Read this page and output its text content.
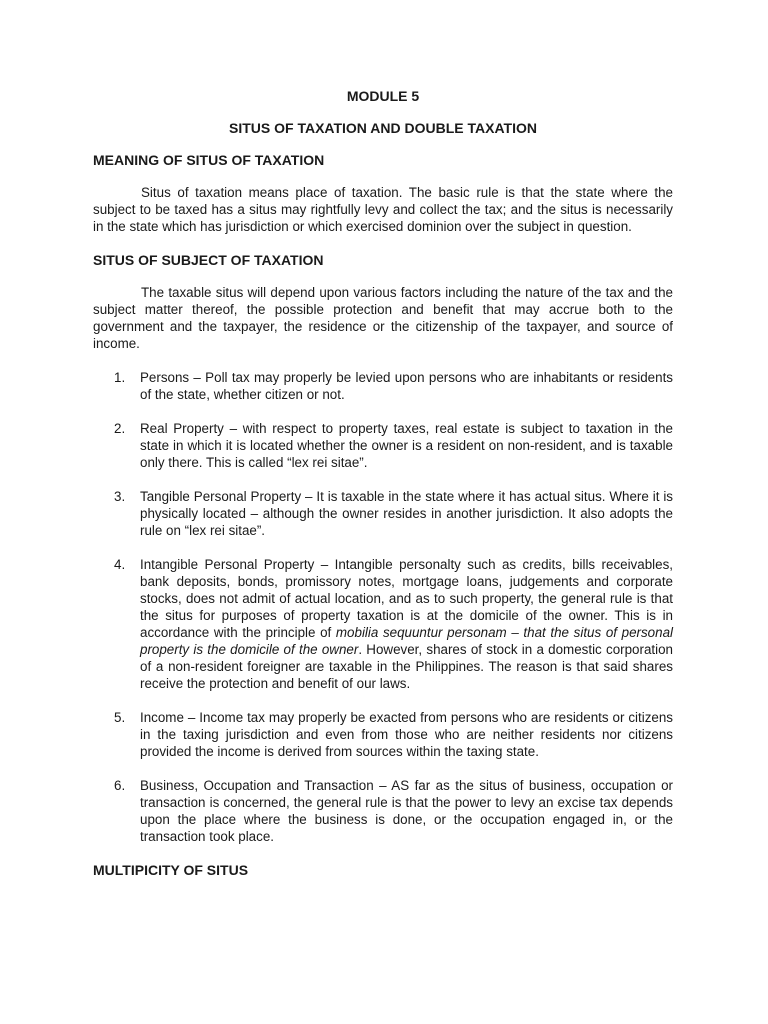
MODULE 5
SITUS OF TAXATION AND DOUBLE TAXATION
MEANING OF SITUS OF TAXATION

Situs of taxation means place of taxation. The basic rule is that the state where the subject to be taxed has a situs may rightfully levy and collect the tax; and the situs is necessarily in the state which has jurisdiction or which exercised dominion over the subject in question.

SITUS OF SUBJECT OF TAXATION

The taxable situs will depend upon various factors including the nature of the tax and the subject matter thereof, the possible protection and benefit that may accrue both to the government and the taxpayer, the residence or the citizenship of the taxpayer, and source of income.

1.	Persons – Poll tax may properly be levied upon persons who are inhabitants or residents of the state, whether citizen or not.
2.	Real Property – with respect to property taxes, real estate is subject to taxation in the state in which it is located whether the owner is a resident on non-resident, and is taxable only there. This is called “lex rei sitae”.
3.	Tangible Personal Property – It is taxable in the state where it has actual situs. Where it is physically located – although the owner resides in another jurisdiction. It also adopts the rule on “lex rei sitae”.
4.	Intangible Personal Property – Intangible personalty such as credits, bills receivables, bank deposits, bonds, promissory notes, mortgage loans, judgements and corporate stocks, does not admit of actual location, and as to such property, the general rule is that the situs for purposes of property taxation is at the domicile of the owner. This is in accordance with the principle of mobilia sequuntur personam – that the situs of personal property is the domicile of the owner. However, shares of stock in a domestic corporation of a non-resident foreigner are taxable in the Philippines. The reason is that said shares receive the protection and benefit of our laws.
5.	Income – Income tax may properly be exacted from persons who are residents or citizens in the taxing jurisdiction and even from those who are neither residents nor citizens provided the income is derived from sources within the taxing state.
6.	Business, Occupation and Transaction – AS far as the situs of business, occupation or transaction is concerned, the general rule is that the power to levy an excise tax depends upon the place where the business is done, or the occupation engaged in, or the transaction took place.
MULTIPICITY OF SITUS
